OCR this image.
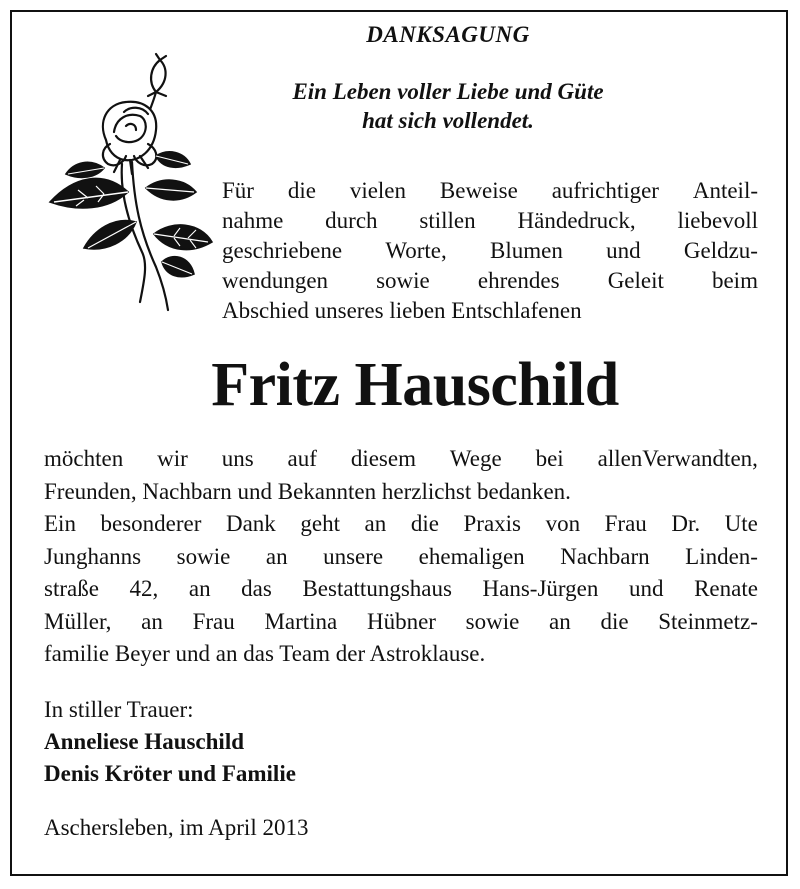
DANKSAGUNG
Ein Leben voller Liebe und Güte
hat sich vollendet.
Für die vielen Beweise aufrichtiger Anteil-
nahme durch stillen Händedruck, liebevoll
geschriebene Worte, Blumen und Geldzu-
wendungen sowie ehrendes Geleit beim
Abschied unseres lieben Entschlafenen
Fritz Hauschild
möchten wir uns auf diesem Wege bei allenVerwandten,
Freunden, Nachbarn und Bekannten herzlichst bedanken.
Ein besonderer Dank geht an die Praxis von Frau Dr. Ute
Junghanns sowie an unsere ehemaligen Nachbarn Linden-
straße 42, an das Bestattungshaus Hans-Jürgen und Renate
Müller, an Frau Martina Hübner sowie an die Steinmetz-
familie Beyer und an das Team der Astroklause.
In stiller Trauer:
Anneliese Hauschild
Denis Kröter und Familie
Aschersleben, im April 2013
